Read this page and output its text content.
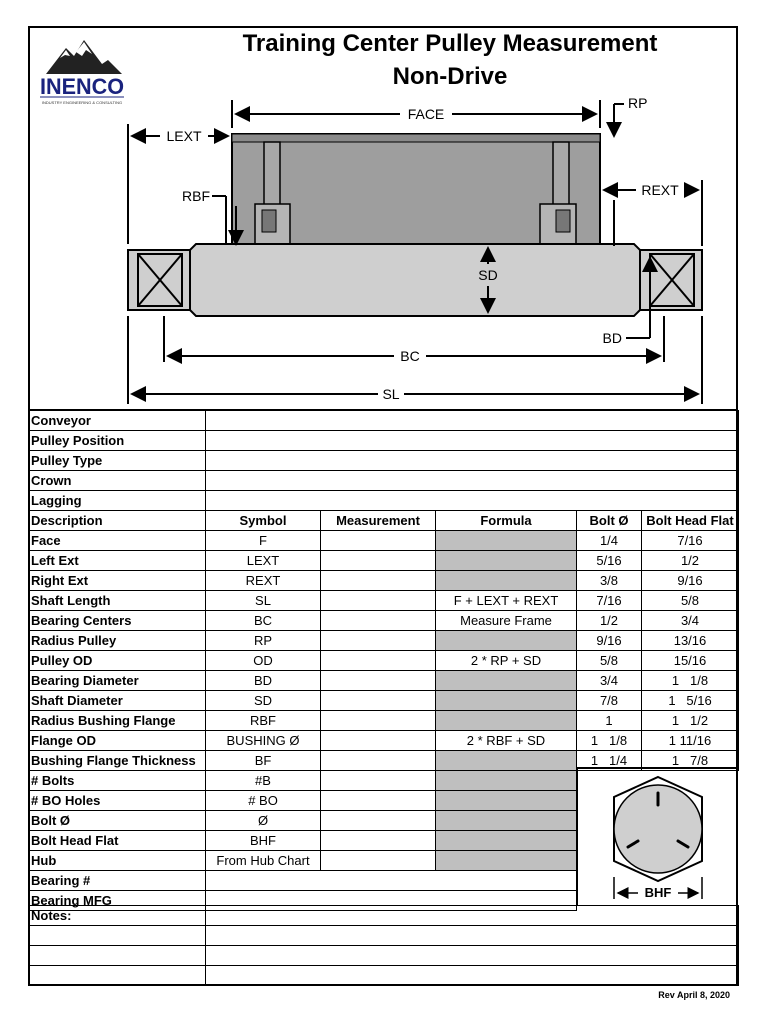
Training Center Pulley Measurement
Non-Drive
INENCO
INDUSTRY ENGINEERING & CONSULTING
FACE
RP
LEXT
REXT
RBF
SD
BD
BC
SL
Conveyor	
Pulley Position	
Pulley Type	
Crown	
Lagging	
Description	Symbol	Measurement	Formula	Bolt Ø	Bolt Head Flat
Face	F			1/4	7/16
Left Ext	LEXT			5/16	1/2
Right Ext	REXT			3/8	9/16
Shaft Length	SL		F + LEXT + REXT	7/16	5/8
Bearing Centers	BC		Measure Frame	1/2	3/4
Radius Pulley	RP			9/16	13/16
Pulley OD	OD		2 * RP + SD	5/8	15/16
Bearing Diameter	BD			3/4	1   1/8
Shaft Diameter	SD			7/8	1   5/16
Radius Bushing Flange	RBF			1	1   1/2
Flange OD	BUSHING Ø		2 * RBF + SD	1   1/8	1 11/16
Bushing Flange Thickness	BF			1   1/4	1   7/8
# Bolts	#B				
# BO Holes	# BO				
Bolt Ø	Ø				
Bolt Head Flat	BHF				
Hub	From Hub Chart				
Bearing #					
Bearing MFG					
BHF
Notes:	

Rev April 8, 2020
